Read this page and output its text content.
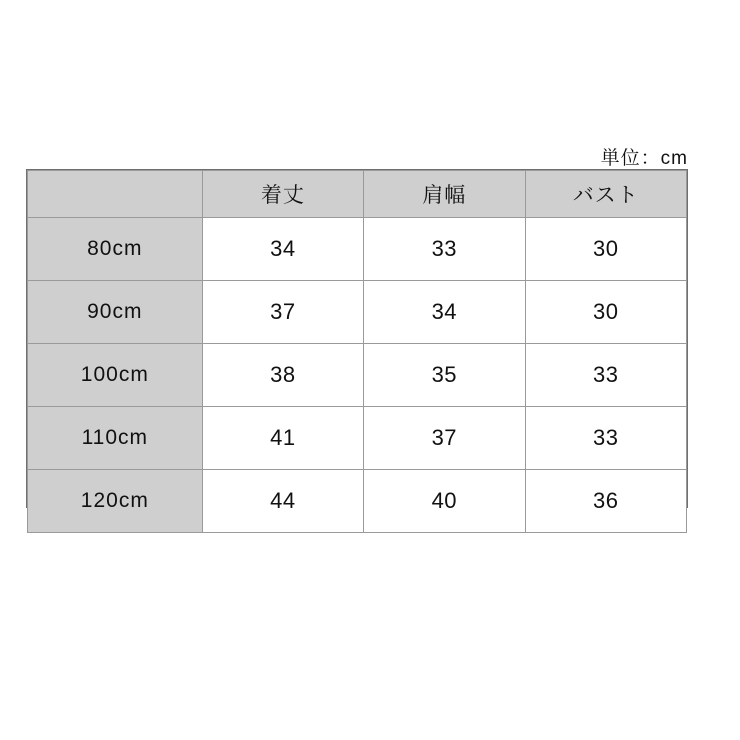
単位：cm
	着丈	肩幅	バスト
80cm	34	33	30
90cm	37	34	30
100cm	38	35	33
110cm	41	37	33
120cm	44	40	36
